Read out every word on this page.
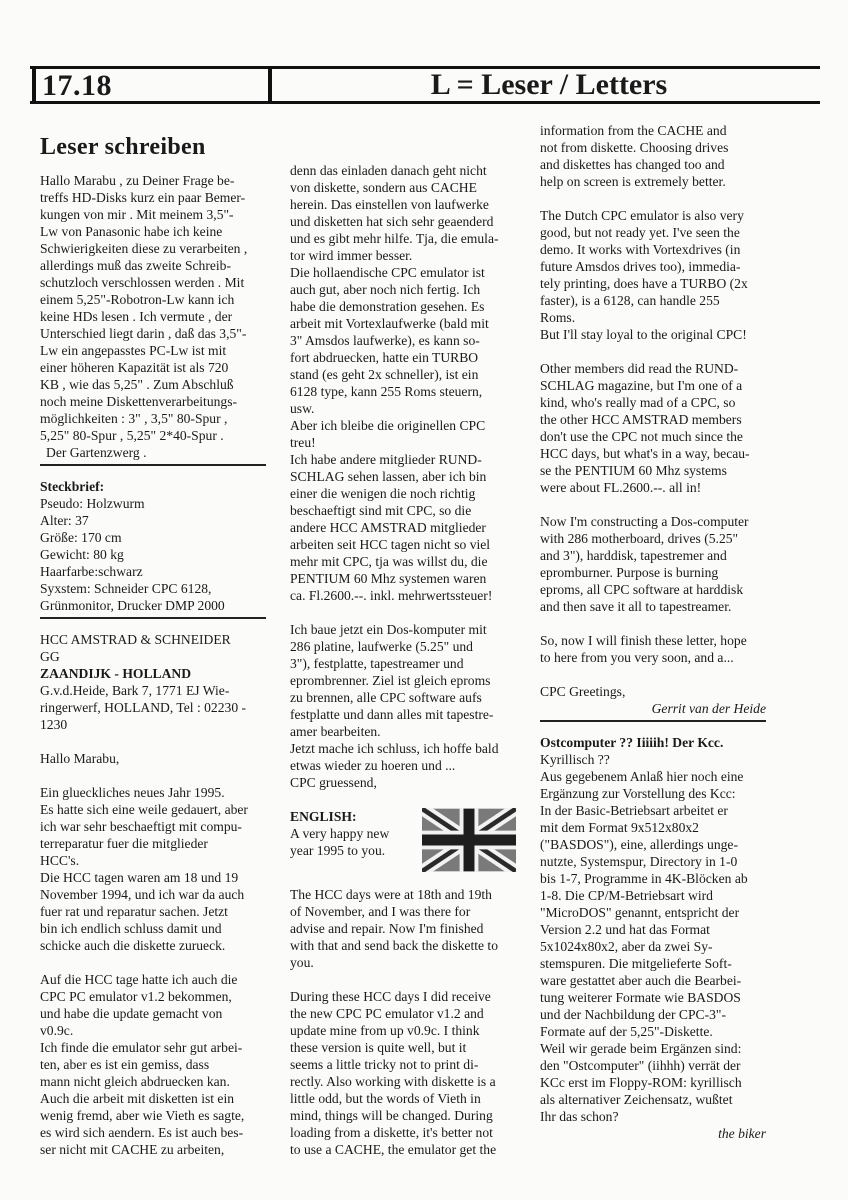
17.18	L = Leser / Letters
Leser schreiben

Hallo Marabu , zu Deiner Frage be-

treffs HD-Disks kurz ein paar Bemer-

kungen von mir . Mit meinem 3,5"-

Lw von Panasonic habe ich keine

Schwierigkeiten diese zu verarbeiten ,

allerdings muß das zweite Schreib-

schutzloch verschlossen werden . Mit

einem 5,25"-Robotron-Lw kann ich

keine HDs lesen . Ich vermute , der

Unterschied liegt darin , daß das 3,5"-

Lw ein angepasstes PC-Lw ist mit

einer höheren Kapazität ist als 720

KB , wie das 5,25" . Zum Abschluß

noch meine Diskettenverarbeitungs-

möglichkeiten : 3" , 3,5" 80-Spur ,

5,25" 80-Spur , 5,25" 2*40-Spur .

Der Gartenzwerg .

Steckbrief:

Pseudo: Holzwurm

Alter: 37

Größe: 170 cm

Gewicht: 80 kg

Haarfarbe:schwarz

Syxstem: Schneider CPC 6128,

Grünmonitor, Drucker DMP 2000

HCC AMSTRAD & SCHNEIDER

GG

ZAANDIJK - HOLLAND

G.v.d.Heide, Bark 7, 1771 EJ Wie-

ringerwerf, HOLLAND, Tel : 02230 -

1230

Hallo Marabu,

Ein glueckliches neues Jahr 1995.

Es hatte sich eine weile gedauert, aber

ich war sehr beschaeftigt mit compu-

terreparatur fuer die mitglieder

HCC's.

Die HCC tagen waren am 18 und 19

November 1994, und ich war da auch

fuer rat und reparatur sachen. Jetzt

bin ich endlich schluss damit und

schicke auch die diskette zurueck.

Auf die HCC tage hatte ich auch die

CPC PC emulator v1.2 bekommen,

und habe die update gemacht von

v0.9c.

Ich finde die emulator sehr gut arbei-

ten, aber es ist ein gemiss, dass

mann nicht gleich abdruecken kan.

Auch die arbeit mit disketten ist ein

wenig fremd, aber wie Vieth es sagte,

es wird sich aendern. Es ist auch bes-

ser nicht mit CACHE zu arbeiten,

denn das einladen danach geht nicht

von diskette, sondern aus CACHE

herein. Das einstellen von laufwerke

und disketten hat sich sehr geaenderd

und es gibt mehr hilfe. Tja, die emula-

tor wird immer besser.

Die hollaendische CPC emulator ist

auch gut, aber noch nich fertig. Ich

habe die demonstration gesehen. Es

arbeit mit Vortexlaufwerke (bald mit

3" Amsdos laufwerke), es kann so-

fort abdruecken, hatte ein TURBO

stand (es geht 2x schneller), ist ein

6128 type, kann 255 Roms steuern,

usw.

Aber ich bleibe die originellen CPC

treu!

Ich habe andere mitglieder RUND-

SCHLAG sehen lassen, aber ich bin

einer die wenigen die noch richtig

beschaeftigt sind mit CPC, so die

andere HCC AMSTRAD mitglieder

arbeiten seit HCC tagen nicht so viel

mehr mit CPC, tja was willst du, die

PENTIUM 60 Mhz systemen waren

ca. Fl.2600.--. inkl. mehrwertssteuer!

Ich baue jetzt ein Dos-komputer mit

286 platine, laufwerke (5.25" und

3"), festplatte, tapestreamer und

eprombrenner. Ziel ist gleich eproms

zu brennen, alle CPC software aufs

festplatte und dann alles mit tapestre-

amer bearbeiten.

Jetzt mache ich schluss, ich hoffe bald

etwas wieder zu hoeren und ...

CPC gruessend,

ENGLISH:

A very happy new

year 1995 to you.

The HCC days were at 18th and 19th

of November, and I was there for

advise and repair. Now I'm finished

with that and send back the diskette to

you.

During these HCC days I did receive

the new CPC PC emulator v1.2 and

update mine from up v0.9c. I think

these version is quite well, but it

seems a little tricky not to print di-

rectly. Also working with diskette is a

little odd, but the words of Vieth in

mind, things will be changed. During

loading from a diskette, it's better not

to use a CACHE, the emulator get the

information from the CACHE and

not from diskette. Choosing drives

and diskettes has changed too and

help on screen is extremely better.

The Dutch CPC emulator is also very

good, but not ready yet. I've seen the

demo. It works with Vortexdrives (in

future Amsdos drives too), immedia-

tely printing, does have a TURBO (2x

faster), is a 6128, can handle 255

Roms.

But I'll stay loyal to the original CPC!

Other members did read the RUND-

SCHLAG magazine, but I'm one of a

kind, who's really mad of a CPC, so

the other HCC AMSTRAD members

don't use the CPC not much since the

HCC days, but what's in a way, becau-

se the PENTIUM 60 Mhz systems

were about FL.2600.--. all in!

Now I'm constructing a Dos-computer

with 286 motherboard, drives (5.25"

and 3"), harddisk, tapestremer and

epromburner. Purpose is burning

eproms, all CPC software at harddisk

and then save it all to tapestreamer.

So, now I will finish these letter, hope

to here from you very soon, and a...

CPC Greetings,

Gerrit van der Heide

Ostcomputer ?? Iiiiih! Der Kcc.

Kyrillisch ??

Aus gegebenem Anlaß hier noch eine

Ergänzung zur Vorstellung des Kcc:

In der Basic-Betriebsart arbeitet er

mit dem Format 9x512x80x2

("BASDOS"), eine, allerdings unge-

nutzte, Systemspur, Directory in 1-0

bis 1-7, Programme in 4K-Blöcken ab

1-8. Die CP/M-Betriebsart wird

"MicroDOS" genannt, entspricht der

Version 2.2 und hat das Format

5x1024x80x2, aber da zwei Sy-

stemspuren. Die mitgelieferte Soft-

ware gestattet aber auch die Bearbei-

tung weiterer Formate wie BASDOS

und der Nachbildung der CPC-3"-

Formate auf der 5,25"-Diskette.

Weil wir gerade beim Ergänzen sind:

den "Ostcomputer" (iihhh) verrät der

KCc erst im Floppy-ROM: kyrillisch

als alternativer Zeichensatz, wußtet

Ihr das schon?

the biker
